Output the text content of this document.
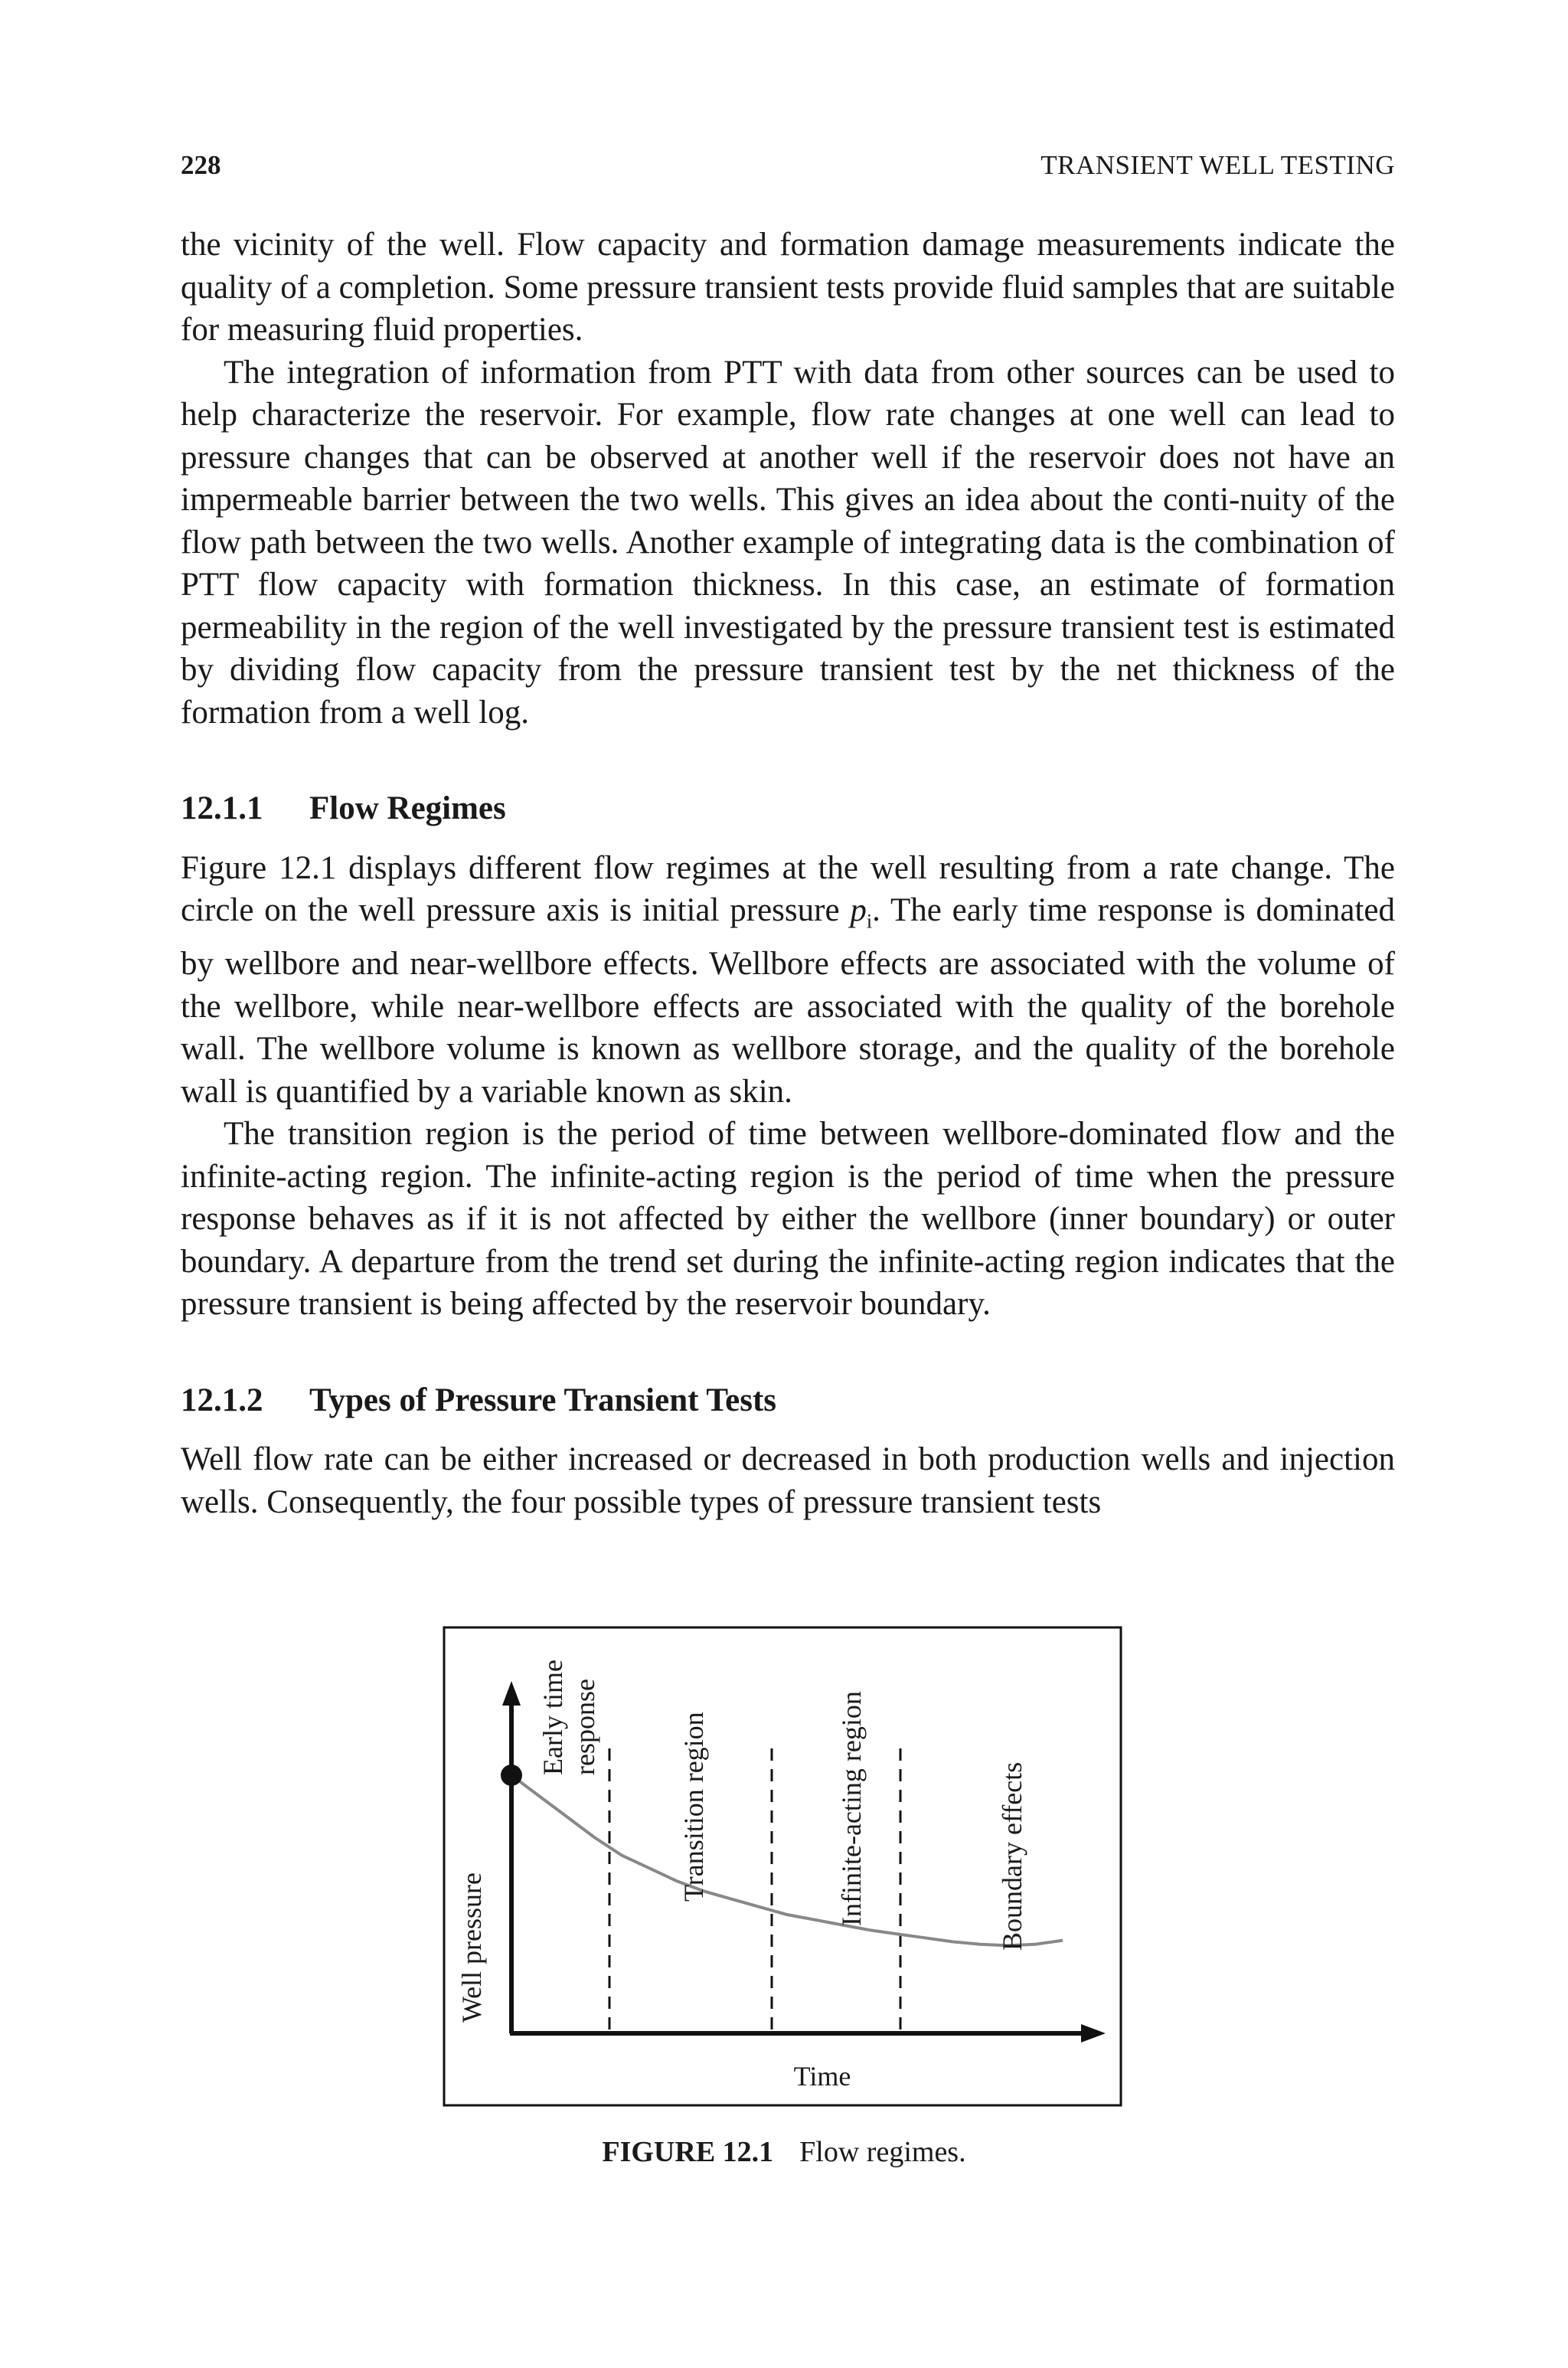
228	TRANSIENT WELL TESTING

the vicinity of the well. Flow capacity and formation damage measurements indicate the quality of a completion. Some pressure transient tests provide fluid samples that are suitable for measuring fluid properties.

The integration of information from PTT with data from other sources can be used to help characterize the reservoir. For example, flow rate changes at one well can lead to pressure changes that can be observed at another well if the reservoir does not have an impermeable barrier between the two wells. This gives an idea about the conti-nuity of the flow path between the two wells. Another example of integrating data is the combination of PTT flow capacity with formation thickness. In this case, an estimate of formation permeability in the region of the well investigated by the pressure transient test is estimated by dividing flow capacity from the pressure transient test by the net thickness of the formation from a well log.

12.1.1 Flow Regimes

Figure 12.1 displays different flow regimes at the well resulting from a rate change. The circle on the well pressure axis is initial pressure $p_i$. The early time response is dominated by wellbore and near-wellbore effects. Wellbore effects are associated with the volume of the wellbore, while near-wellbore effects are associated with the quality of the borehole wall. The wellbore volume is known as wellbore storage, and the quality of the borehole wall is quantified by a variable known as skin.

The transition region is the period of time between wellbore-dominated flow and the infinite-acting region. The infinite-acting region is the period of time when the pressure response behaves as if it is not affected by either the wellbore (inner boundary) or outer boundary. A departure from the trend set during the infinite-acting region indicates that the pressure transient is being affected by the reservoir boundary.

12.1.2 Types of Pressure Transient Tests

Well flow rate can be either increased or decreased in both production wells and injection wells. Consequently, the four possible types of pressure transient tests

Well pressure
Time
Early time response	Transition region	Infinite-acting region	Boundary effects
FIGURE 12.1 Flow regimes.
